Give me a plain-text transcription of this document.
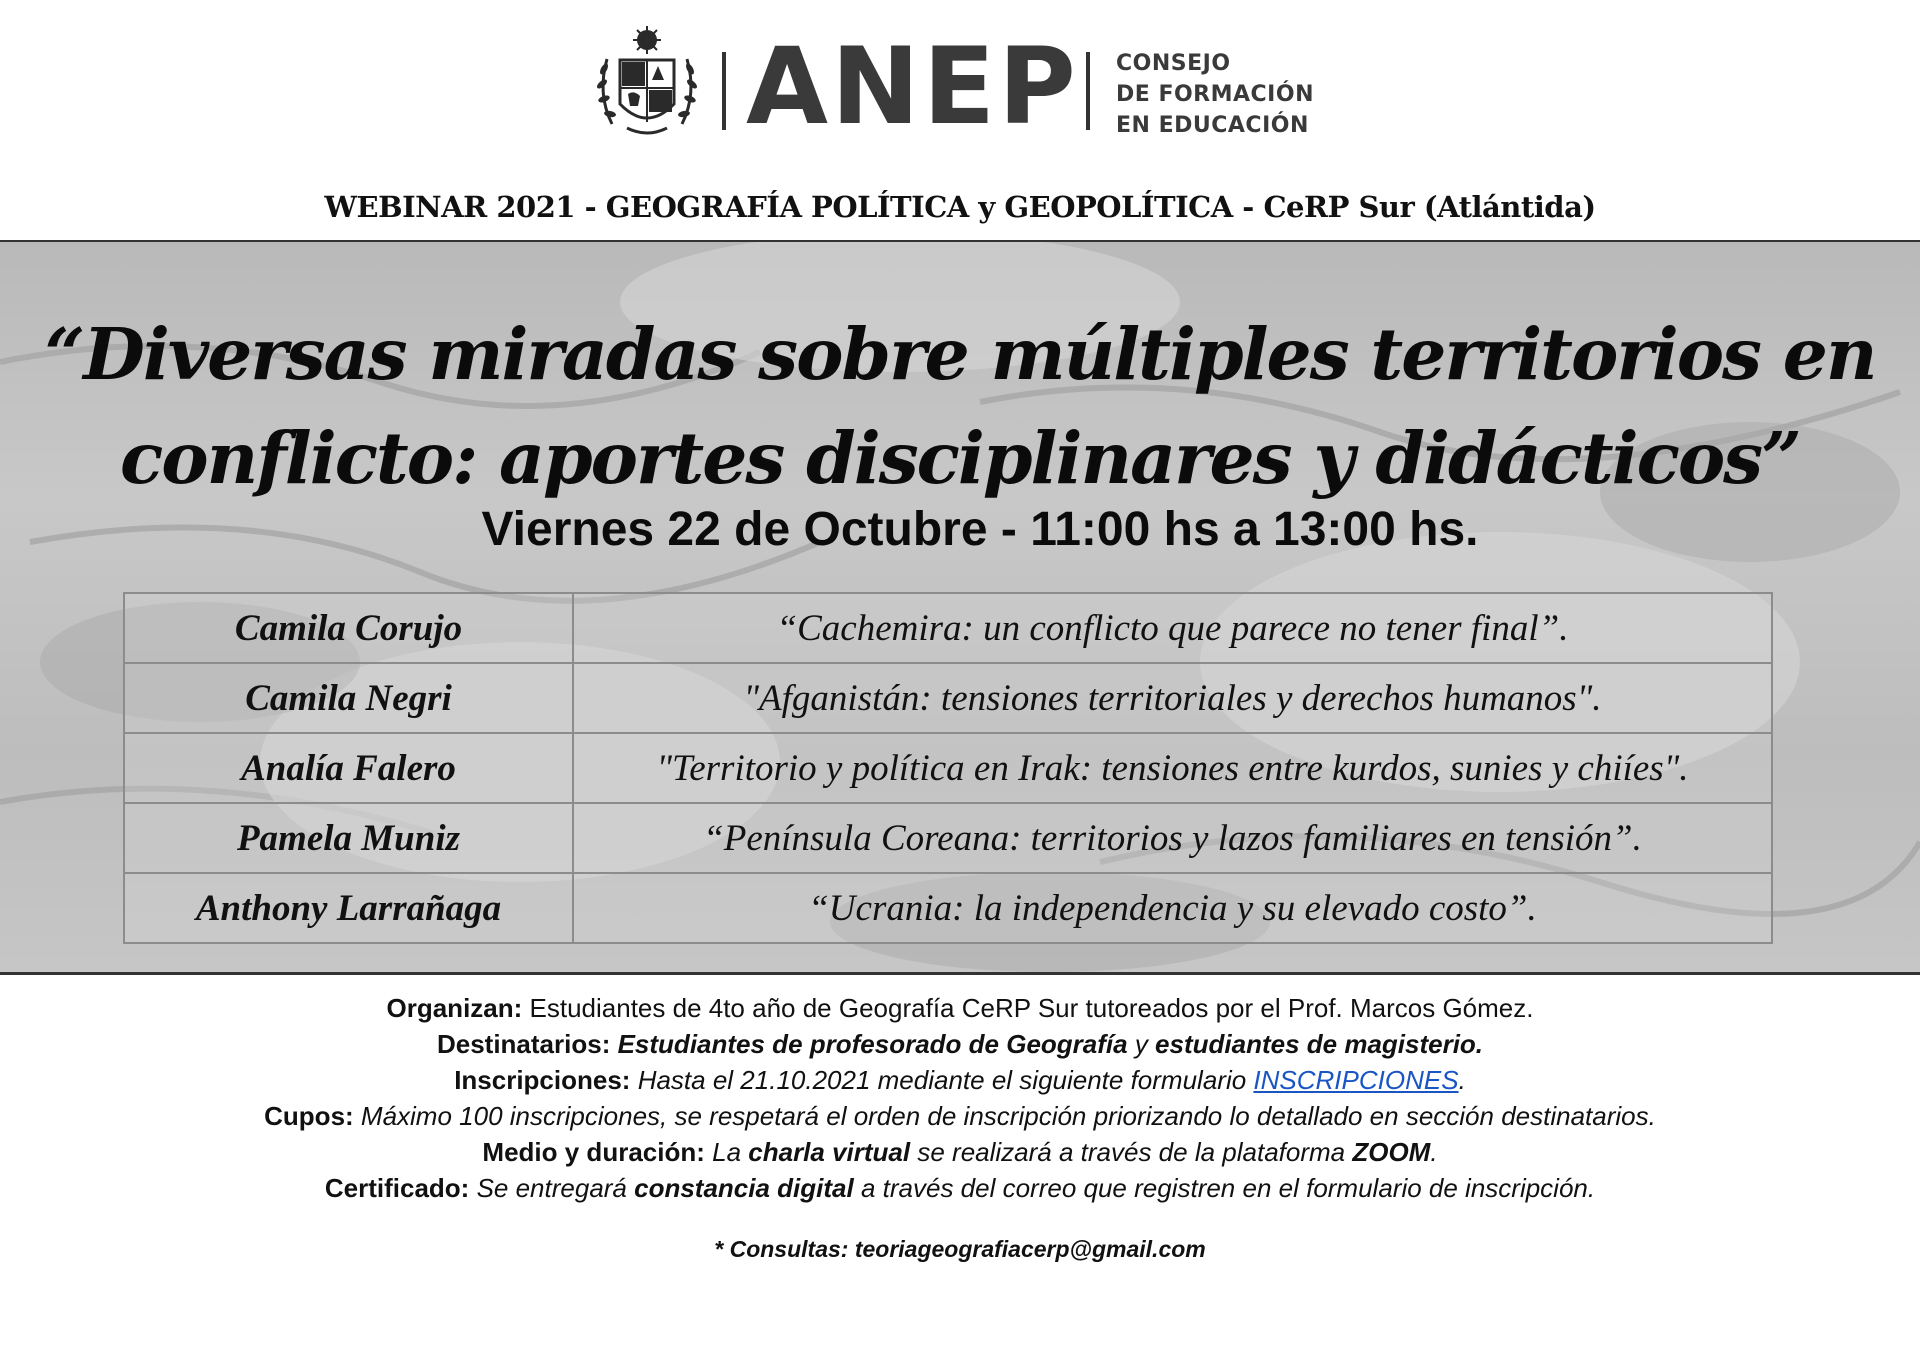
ANEP CONSEJO
DE FORMACIÓN
EN EDUCACIÓN
WEBINAR 2021 - GEOGRAFÍA POLÍTICA y GEOPOLÍTICA - CeRP Sur (Atlántida)
“Diversas miradas sobre múltiples territorios en
conflicto: aportes disciplinares y didácticos”
Viernes 22 de Octubre - 11:00 hs a 13:00 hs.
Camila Corujo	“Cachemira: un conflicto que parece no tener final”.
Camila Negri	"Afganistán: tensiones territoriales y derechos humanos".
Analía Falero	"Territorio y política en Irak: tensiones entre kurdos, sunies y chiíes".
Pamela Muniz	“Península Coreana: territorios y lazos familiares en tensión”.
Anthony Larrañaga	“Ucrania: la independencia y su elevado costo”.
Organizan: Estudiantes de 4to año de Geografía CeRP Sur tutoreados por el Prof. Marcos Gómez.
Destinatarios: Estudiantes de profesorado de Geografía y estudiantes de magisterio.
Inscripciones: Hasta el 21.10.2021 mediante el siguiente formulario INSCRIPCIONES.
Cupos: Máximo 100 inscripciones, se respetará el orden de inscripción priorizando lo detallado en sección destinatarios.
Medio y duración: La charla virtual se realizará a través de la plataforma ZOOM.
Certificado: Se entregará constancia digital a través del correo que registren en el formulario de inscripción.
* Consultas: teoriageografiacerp@gmail.com
